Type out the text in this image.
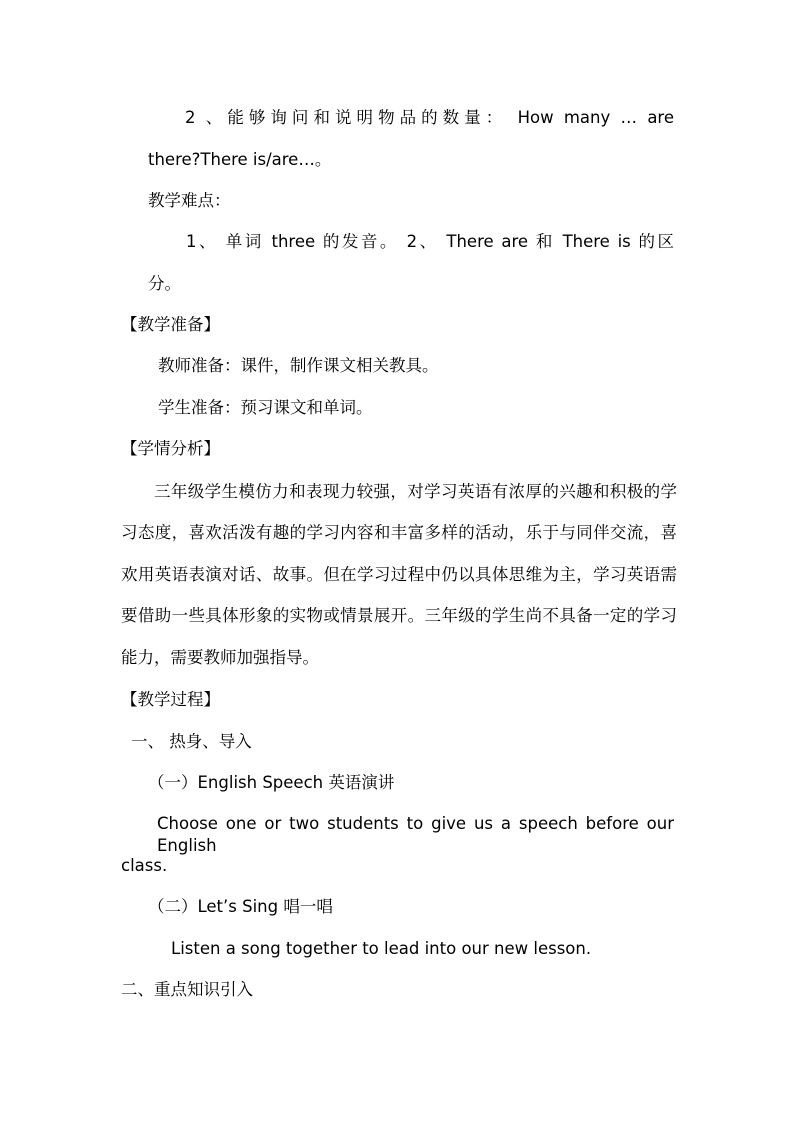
2 、能够询问和说明物品的数量： How many … are
there?There is/are…。
教学难点：
1、 单词 three 的发音。 2、 There are 和 There is 的区
分。
【教学准备】
教师准备：课件，制作课文相关教具。
学生准备：预习课文和单词。
【学情分析】
三年级学生模仿力和表现力较强，对学习英语有浓厚的兴趣和积极的学习态度，喜欢活泼有趣的学习内容和丰富多样的活动，乐于与同伴交流，喜欢用英语表演对话、故事。但在学习过程中仍以具体思维为主，学习英语需要借助一些具体形象的实物或情景展开。三年级的学生尚不具备一定的学习能力，需要教师加强指导。
【教学过程】
一、 热身、导入
（一）English Speech 英语演讲
Choose one or two students to give us a speech before our English
class.
（二）Let’s Sing 唱一唱
Listen a song together to lead into our new lesson.
二、重点知识引入
